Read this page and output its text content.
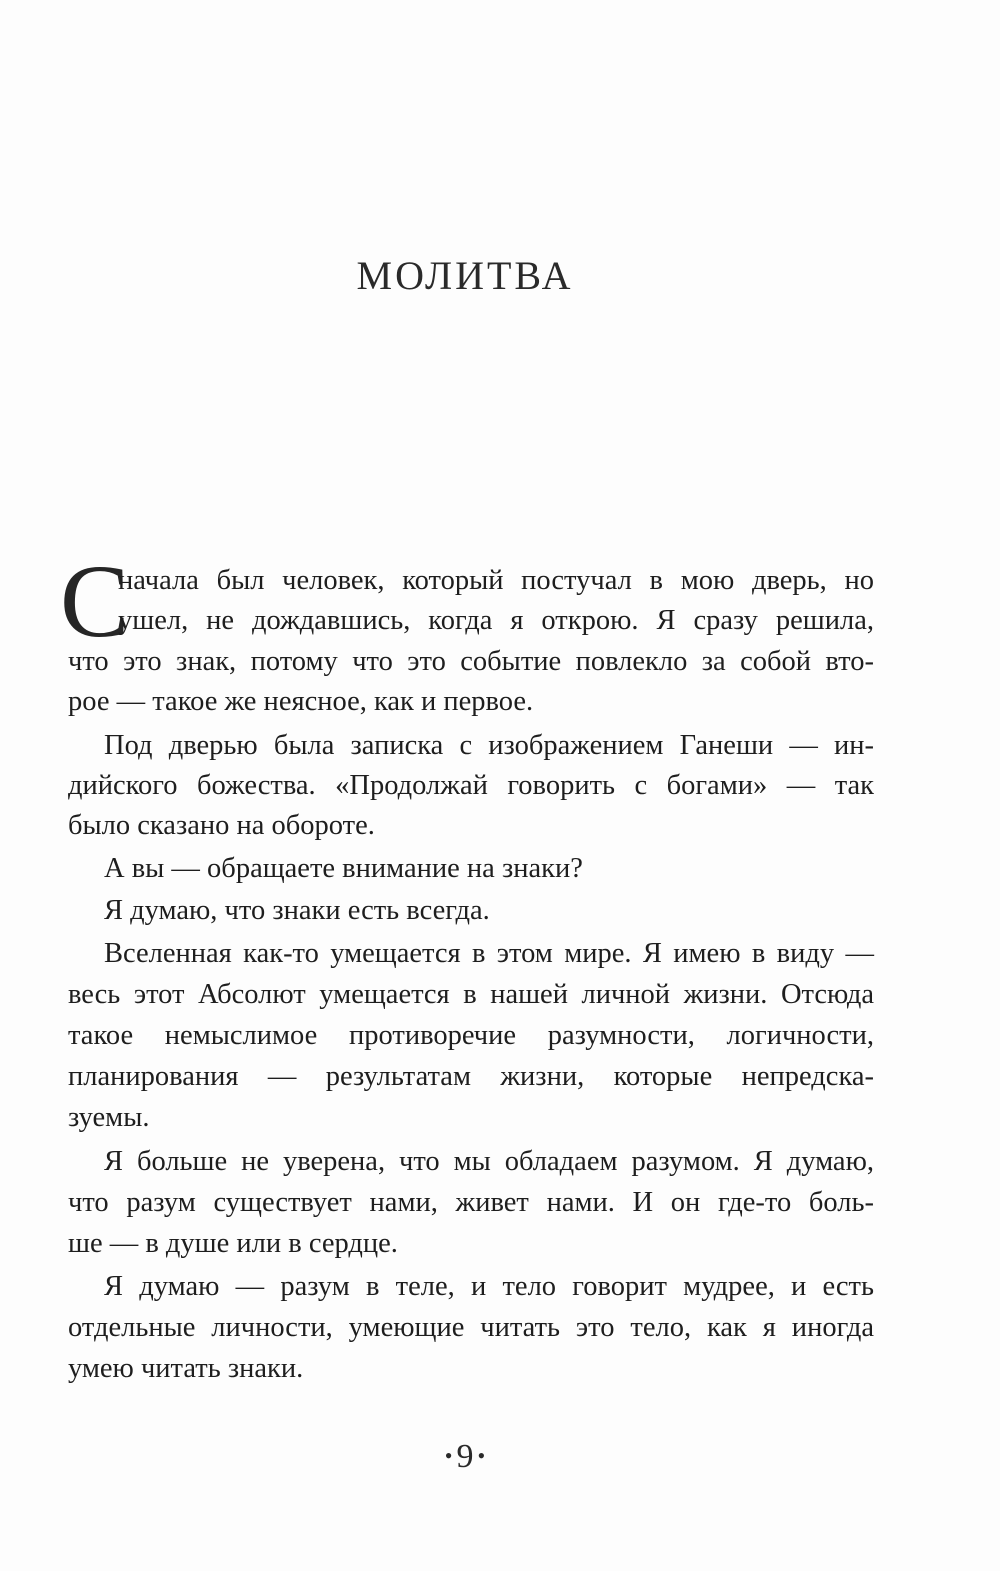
МОЛИТВА
С
начала был человек, который постучал в мою дверь, но
ушел, не дождавшись, когда я открою. Я сразу решила,
что это знак, потому что это событие повлекло за собой вто-
рое — такое же неясное, как и первое.
Под дверью была записка с изображением Ганеши — ин-
дийского божества. «Продолжай говорить с богами» — так
было сказано на обороте.
А вы — обращаете внимание на знаки?
Я думаю, что знаки есть всегда.
Вселенная как-то умещается в этом мире. Я имею в виду —
весь этот Абсолют умещается в нашей личной жизни. Отсюда
такое немыслимое противоречие разумности, логичности,
планирования — результатам жизни, которые непредска-
зуемы.
Я больше не уверена, что мы обладаем разумом. Я думаю,
что разум существует нами, живет нами. И он где-то боль-
ше — в душе или в сердце.
Я думаю — разум в теле, и тело говорит мудрее, и есть
отдельные личности, умеющие читать это тело, как я иногда
умею читать знаки.
• 9 •
